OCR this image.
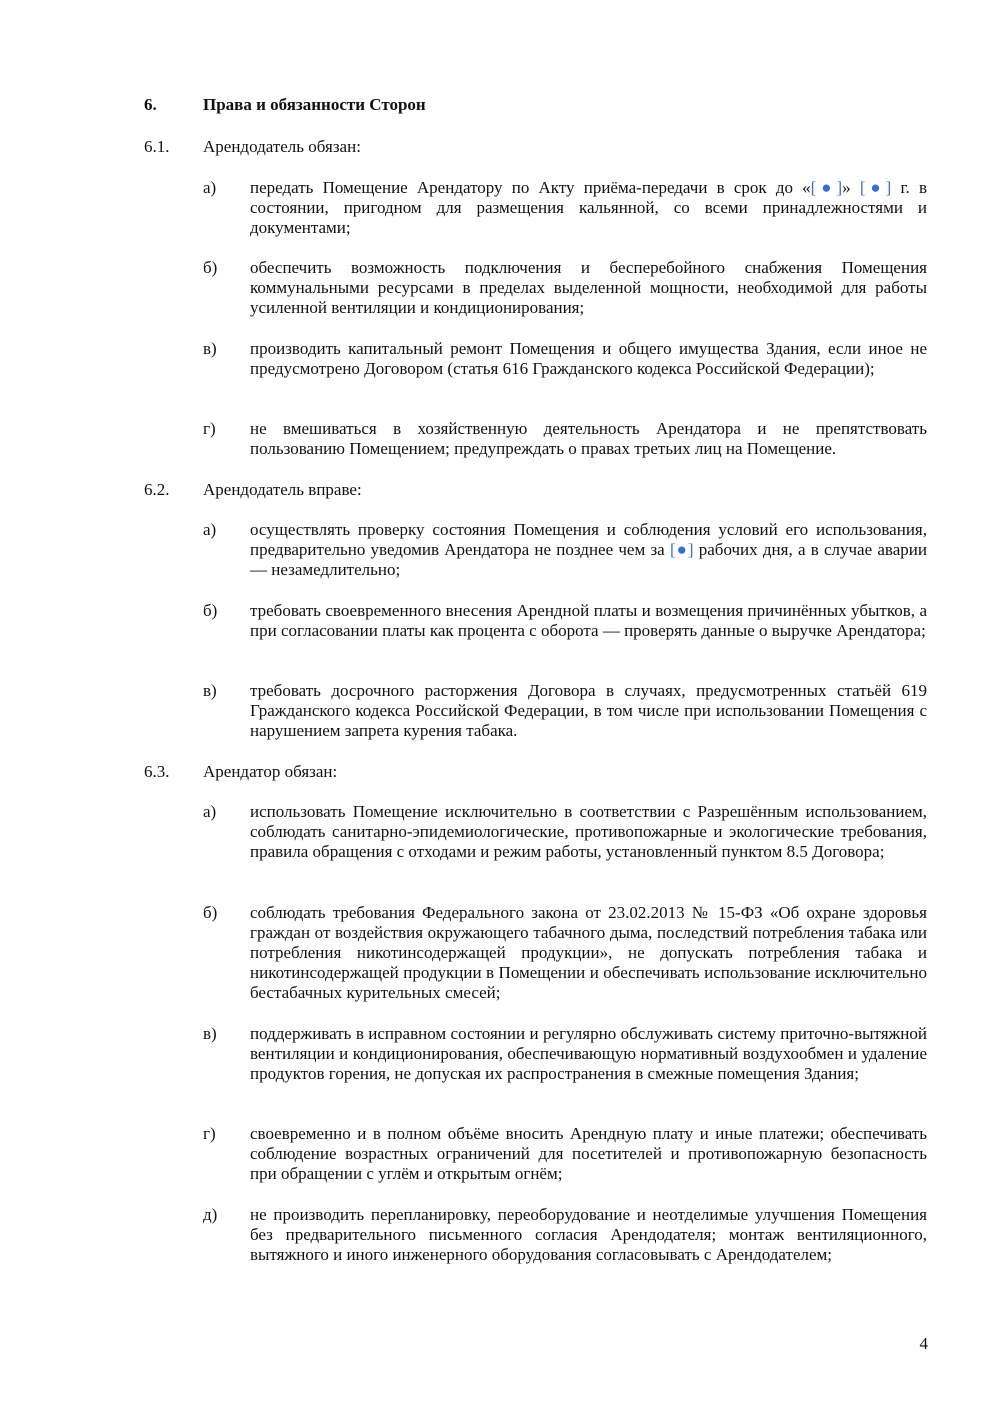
6.	Права и обязанности Сторон
6.1. Арендодатель обязан:
а) передать Помещение Арендатору по Акту приёма-передачи в срок до «[●]» [●] г. в состоянии, пригодном для размещения кальянной, со всеми принадлежностями и документами;
б) обеспечить возможность подключения и бесперебойного снабжения Помещения коммунальными ресурсами в пределах выделенной мощности, необходимой для работы усиленной вентиляции и кондиционирования;
в) производить капитальный ремонт Помещения и общего имущества Здания, если иное не предусмотрено Договором (статья 616 Гражданского кодекса Российской Федерации);
г) не вмешиваться в хозяйственную деятельность Арендатора и не препятствовать пользованию Помещением; предупреждать о правах третьих лиц на Помещение.
6.2. Арендодатель вправе:
а) осуществлять проверку состояния Помещения и соблюдения условий его использования, предварительно уведомив Арендатора не позднее чем за [●] рабочих дня, а в случае аварии — незамедлительно;
б) требовать своевременного внесения Арендной платы и возмещения причинённых убытков, а при согласовании платы как процента с оборота — проверять данные о выручке Арендатора;
в) требовать досрочного расторжения Договора в случаях, предусмотренных статьёй 619 Гражданского кодекса Российской Федерации, в том числе при использовании Помещения с нарушением запрета курения табака.
6.3. Арендатор обязан:
а) использовать Помещение исключительно в соответствии с Разрешённым использованием, соблюдать санитарно-эпидемиологические, противопожарные и экологические требования, правила обращения с отходами и режим работы, установленный пунктом 8.5 Договора;
б) соблюдать требования Федерального закона от 23.02.2013 № 15-ФЗ «Об охране здоровья граждан от воздействия окружающего табачного дыма, последствий потребления табака или потребления никотинсодержащей продукции», не допускать потребления табака и никотинсодержащей продукции в Помещении и обеспечивать использование исключительно бестабачных курительных смесей;
в) поддерживать в исправном состоянии и регулярно обслуживать систему приточно-вытяжной вентиляции и кондиционирования, обеспечивающую нормативный воздухообмен и удаление продуктов горения, не допуская их распространения в смежные помещения Здания;
г) своевременно и в полном объёме вносить Арендную плату и иные платежи; обеспечивать соблюдение возрастных ограничений для посетителей и противопожарную безопасность при обращении с углём и открытым огнём;
д) не производить перепланировку, переоборудование и неотделимые улучшения Помещения без предварительного письменного согласия Арендодателя; монтаж вентиляционного, вытяжного и иного инженерного оборудования согласовывать с Арендодателем;
4
